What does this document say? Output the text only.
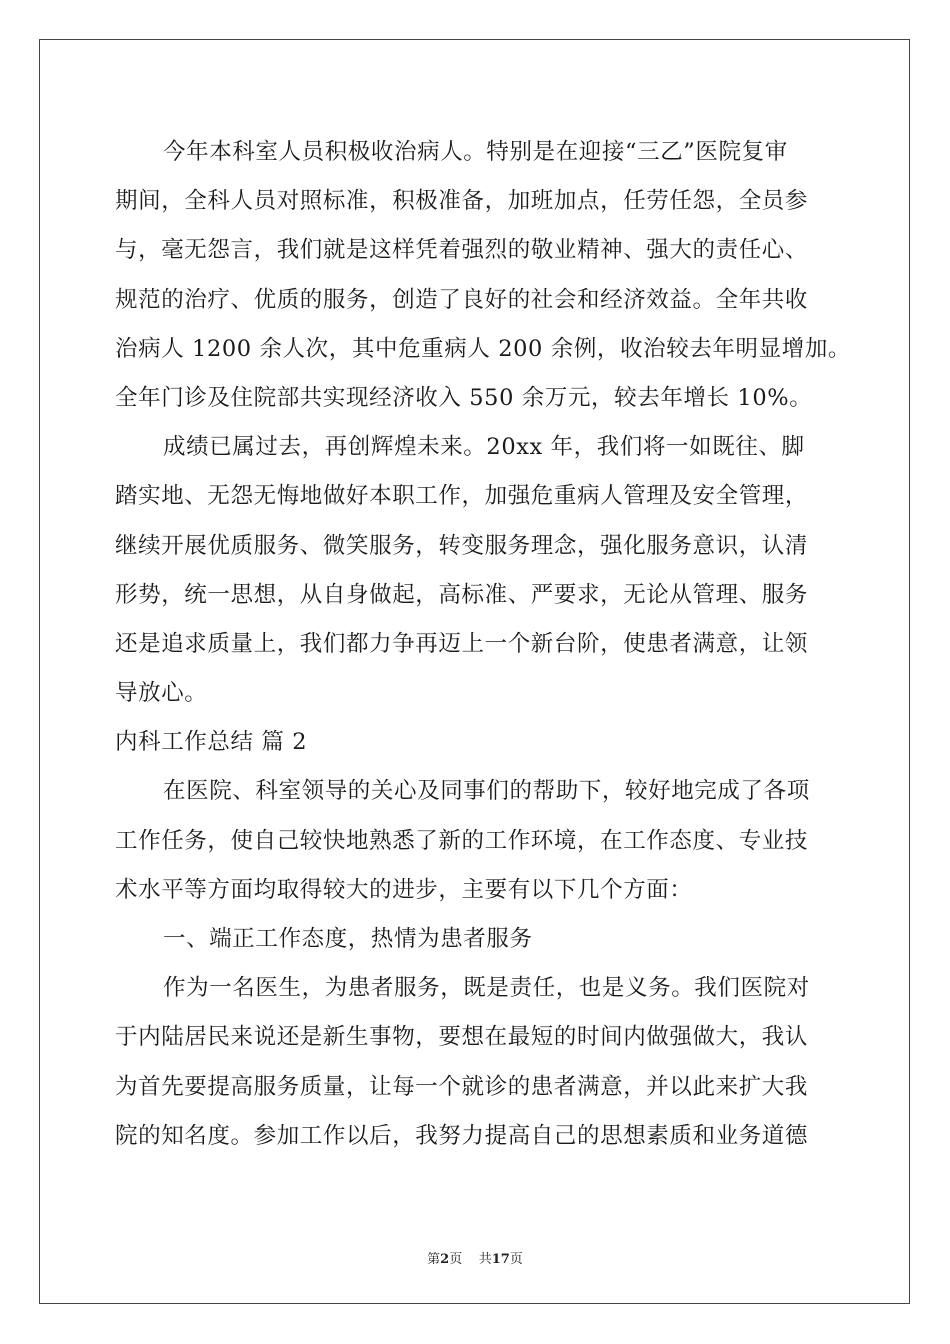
今年本科室人员积极收治病人。特别是在迎接“三乙”医院复审
期间，全科人员对照标准，积极准备，加班加点，任劳任怨，全员参
与，毫无怨言，我们就是这样凭着强烈的敬业精神、强大的责任心、
规范的治疗、优质的服务，创造了良好的社会和经济效益。全年共收
治病人 1200 余人次，其中危重病人 200 余例，收治较去年明显增加。
全年门诊及住院部共实现经济收入 550 余万元，较去年增长 10%。
成绩已属过去，再创辉煌未来。20xx 年，我们将一如既往、脚
踏实地、无怨无悔地做好本职工作，加强危重病人管理及安全管理，
继续开展优质服务、微笑服务，转变服务理念，强化服务意识，认清
形势，统一思想，从自身做起，高标准、严要求，无论从管理、服务
还是追求质量上，我们都力争再迈上一个新台阶，使患者满意，让领
导放心。
内科工作总结 篇 2
在医院、科室领导的关心及同事们的帮助下，较好地完成了各项
工作任务，使自己较快地熟悉了新的工作环境，在工作态度、专业技
术水平等方面均取得较大的进步，主要有以下几个方面：
一、端正工作态度，热情为患者服务
作为一名医生，为患者服务，既是责任，也是义务。我们医院对
于内陆居民来说还是新生事物，要想在最短的时间内做强做大，我认
为首先要提高服务质量，让每一个就诊的患者满意，并以此来扩大我
院的知名度。参加工作以后，我努力提高自己的思想素质和业务道德
第2页 共17页
